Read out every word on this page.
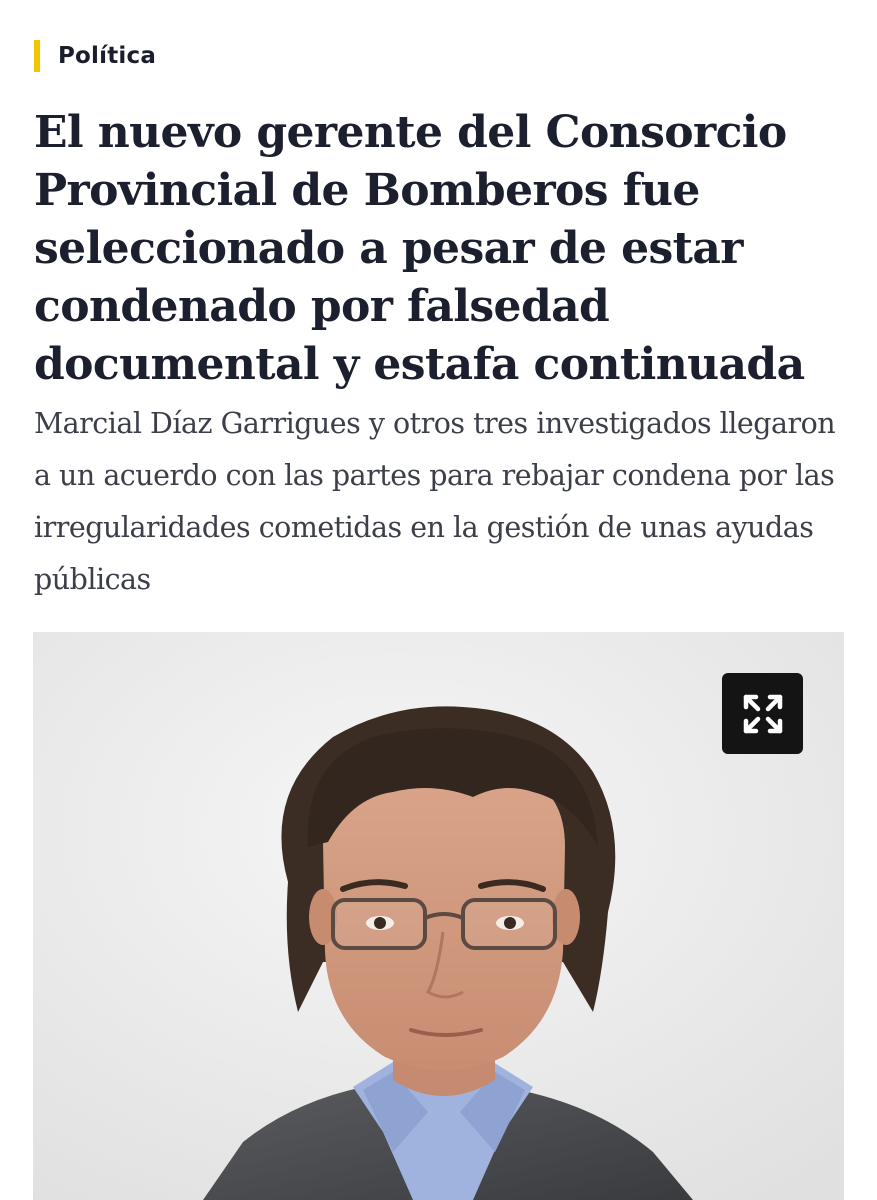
Política
El nuevo gerente del Consorcio Provincial de Bomberos fue seleccionado a pesar de estar condenado por falsedad documental y estafa continuada

Marcial Díaz Garrigues y otros tres investigados llegaron a un acuerdo con las partes para rebajar condena por las irregularidades cometidas en la gestión de unas ayudas públicas
